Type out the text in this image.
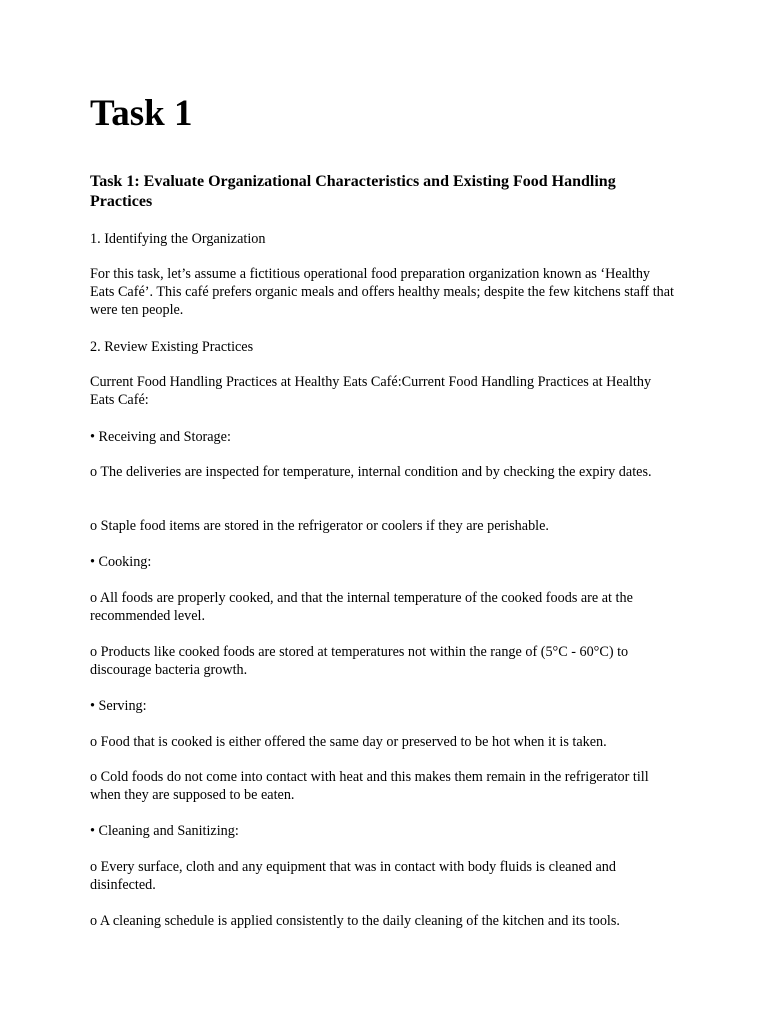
Task 1
Task 1: Evaluate Organizational Characteristics and Existing Food Handling Practices

1. Identifying the Organization

For this task, let’s assume a fictitious operational food preparation organization known as ‘Healthy Eats Café’. This café prefers organic meals and offers healthy meals; despite the few kitchens staff that were ten people.

2. Review Existing Practices

Current Food Handling Practices at Healthy Eats Café:Current Food Handling Practices at Healthy Eats Café:

• Receiving and Storage:

o The deliveries are inspected for temperature, internal condition and by checking the expiry dates.

o Staple food items are stored in the refrigerator or coolers if they are perishable.

• Cooking:

o All foods are properly cooked, and that the internal temperature of the cooked foods are at the recommended level.

o Products like cooked foods are stored at temperatures not within the range of (5°C - 60°C) to discourage bacteria growth.

• Serving:

o Food that is cooked is either offered the same day or preserved to be hot when it is taken.

o Cold foods do not come into contact with heat and this makes them remain in the refrigerator till when they are supposed to be eaten.

• Cleaning and Sanitizing:

o Every surface, cloth and any equipment that was in contact with body fluids is cleaned and disinfected.

o A cleaning schedule is applied consistently to the daily cleaning of the kitchen and its tools.
